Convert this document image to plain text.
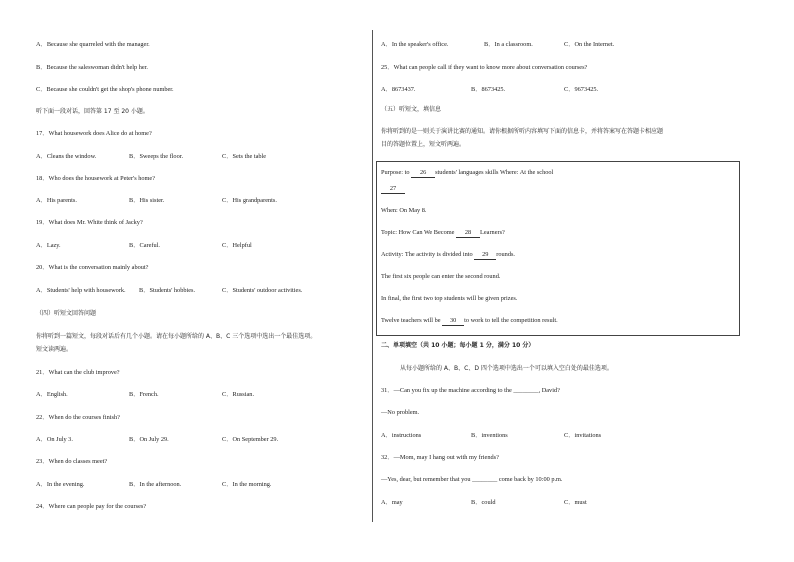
A．Because she quarreled with the manager.
B．Because the saleswoman didn't help her.
C．Because she couldn't get the shop's phone number.
听下面一段对话，回答第 17 至 20 小题。
17．What housework does Alice do at home?
A．Cleans the window.	B．Sweeps the floor.	C．Sets the table
18．Who does the housework at Peter's home?
A．His parents.	B．His sister.	C．His grandparents.
19．What does Mr. White think of Jacky?
A．Lazy.	B．Careful.	C．Helpful
20．What is the conversation mainly about?
A．Students' help with housework. B．Students' hobbies.	C．Students' outdoor activities.
（四）听短文回答问题
你将听到一篇短文，每段对话后有几个小题。请在每小题所给的 A、B、C 三个选项中选出一个最佳选项。
短文读两遍。
21．What can the club improve?
A．English.	B．French.	C．Russian.
22．When do the courses finish?
A．On July 3.	B．On July 29.	C．On September 29.
23．When do classes meet?
A．In the evening.	B．In the afternoon.	C．In the morning.
24．Where can people pay for the courses?
A．In the speaker's office.	B．In a classroom.	C．On the Internet.
25．What can people call if they want to know more about conversation courses?
A．8673437.	B．8673425.	C．9673425.
（五）听短文，填信息
你将听到的是一则关于演讲比赛的通知。请你根据所听内容填写下面的信息卡，并将答案写在答题卡相应题
目的答题位置上，短文听两遍。
Purpose: to 26 students' languages skills Where: At the school
27
When: On May 8.
Topic: How Can We Become 28 Learners?
Activity: The activity is divided into 29 rounds.
The first six people can enter the second round.
In final, the first two top students will be given prizes.
Twelve teachers will be 30 to work to tell the competition result.
二、单项填空（共 10 小题；每小题 1 分，满分 10 分）
从每小题所给的 A、B、C、D 四个选项中选出一个可以填入空白处的最佳选项。
31．—Can you fix up the machine according to the ________, David?
—No problem.
A．instructions	B．inventions	C．invitations
32．—Mom, may I hang out with my friends?
—Yes, dear, but remember that you ________ come back by 10:00 p.m.
A．may	B．could	C．must
